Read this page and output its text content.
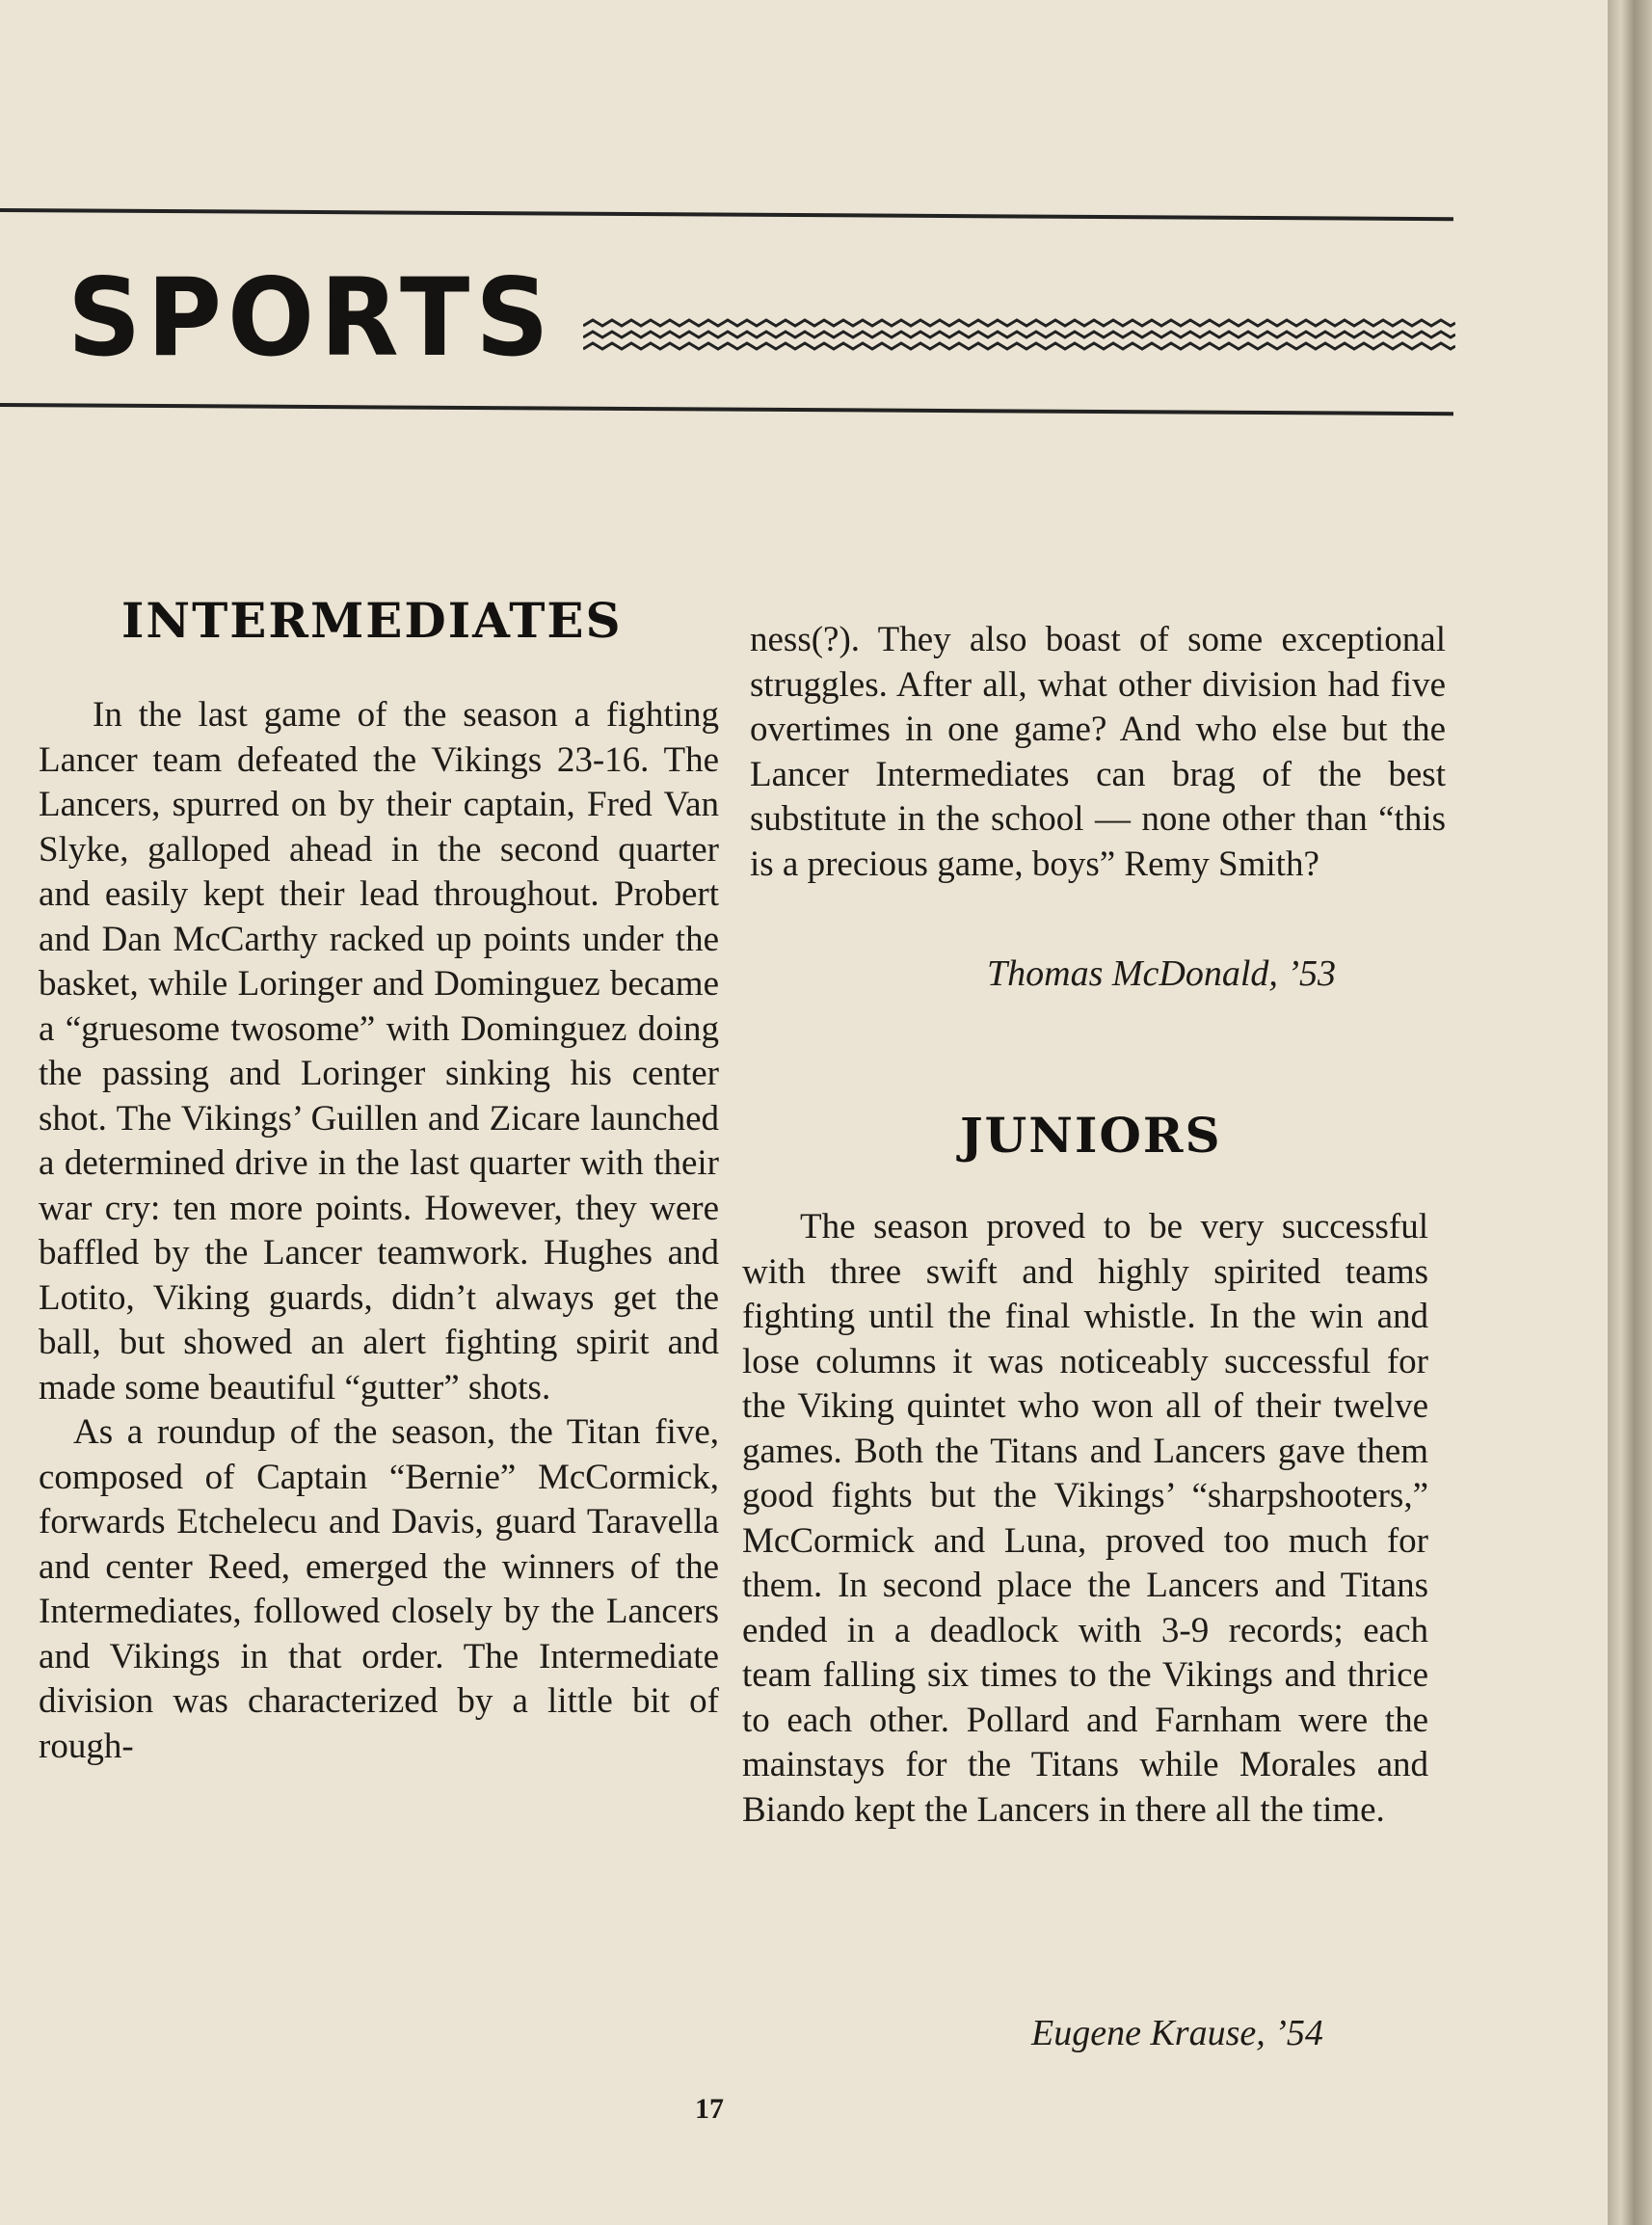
SPORTS
INTERMEDIATES

In the last game of the season a fighting Lancer team defeated the Vikings 23-16. The Lancers, spurred on by their captain, Fred Van Slyke, galloped ahead in the second quarter and easily kept their lead throughout. Probert and Dan McCarthy racked up points under the basket, while Loringer and Dominguez became a “gruesome twosome” with Dominguez doing the passing and Loringer sinking his center shot. The Vikings’ Guillen and Zicare launched a determined drive in the last quarter with their war cry: ten more points. However, they were baffled by the Lancer teamwork. Hughes and Lotito, Viking guards, didn’t always get the ball, but showed an alert fighting spirit and made some beautiful “gutter” shots.

As a roundup of the season, the Titan five, composed of Captain “Bernie” McCormick, forwards Etchelecu and Davis, guard Taravella and center Reed, emerged the winners of the Intermediates, followed closely by the Lancers and Vikings in that order. The Intermediate division was characterized by a little bit of rough-

ness(?). They also boast of some exceptional struggles. After all, what other division had five overtimes in one game? And who else but the Lancer Intermediates can brag of the best substitute in the school — none other than “this is a precious game, boys” Remy Smith?

Thomas McDonald, ’53
JUNIORS

The season proved to be very successful with three swift and highly spirited teams fighting until the final whistle. In the win and lose columns it was noticeably successful for the Viking quintet who won all of their twelve games. Both the Titans and Lancers gave them good fights but the Vikings’ “sharpshooters,” McCormick and Luna, proved too much for them. In second place the Lancers and Titans ended in a deadlock with 3-9 records; each team falling six times to the Vikings and thrice to each other. Pollard and Farnham were the mainstays for the Titans while Morales and Biando kept the Lancers in there all the time.

Eugene Krause, ’54
17
